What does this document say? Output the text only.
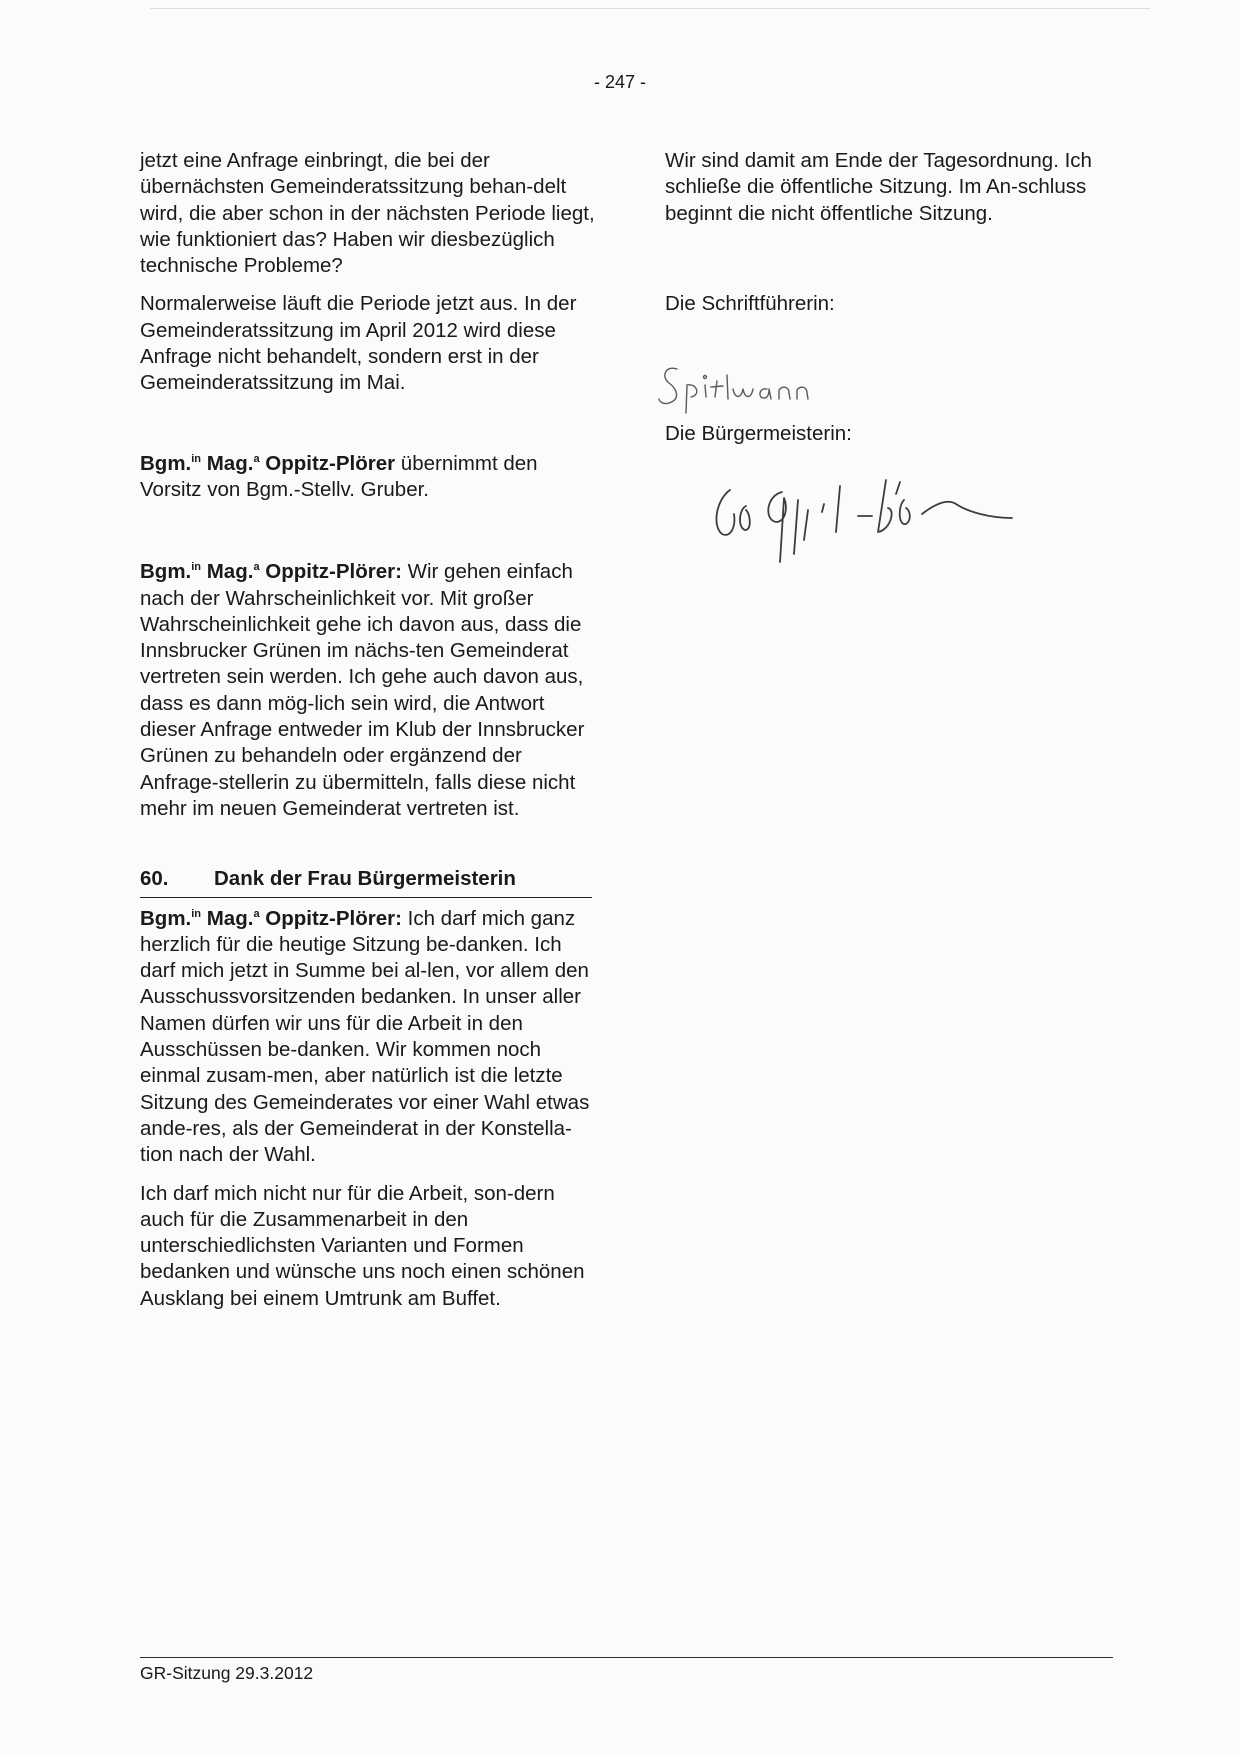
- 247 -

jetzt eine Anfrage einbringt, die bei der übernächsten Gemeinderatssitzung behan-delt wird, die aber schon in der nächsten Periode liegt, wie funktioniert das? Haben wir diesbezüglich technische Probleme?

Normalerweise läuft die Periode jetzt aus. In der Gemeinderatssitzung im April 2012 wird diese Anfrage nicht behandelt, sondern erst in der Gemeinderatssitzung im Mai.

Bgm.$^{in}$ Mag.$^a$ Oppitz-Plörer übernimmt den Vorsitz von Bgm.-Stellv. Gruber.

Bgm.$^{in}$ Mag.$^a$ Oppitz-Plörer: Wir gehen einfach nach der Wahrscheinlichkeit vor. Mit großer Wahrscheinlichkeit gehe ich davon aus, dass die Innsbrucker Grünen im nächs-ten Gemeinderat vertreten sein werden. Ich gehe auch davon aus, dass es dann mög-lich sein wird, die Antwort dieser Anfrage entweder im Klub der Innsbrucker Grünen zu behandeln oder ergänzend der Anfrage-stellerin zu übermitteln, falls diese nicht mehr im neuen Gemeinderat vertreten ist.

60.	Dank der Frau Bürgermeisterin

Bgm.$^{in}$ Mag.$^a$ Oppitz-Plörer: Ich darf mich ganz herzlich für die heutige Sitzung be-danken. Ich darf mich jetzt in Summe bei al-len, vor allem den Ausschussvorsitzenden bedanken. In unser aller Namen dürfen wir uns für die Arbeit in den Ausschüssen be-danken. Wir kommen noch einmal zusam-men, aber natürlich ist die letzte Sitzung des Gemeinderates vor einer Wahl etwas ande-res, als der Gemeinderat in der Konstella-tion nach der Wahl.

Ich darf mich nicht nur für die Arbeit, son-dern auch für die Zusammenarbeit in den unterschiedlichsten Varianten und Formen bedanken und wünsche uns noch einen schönen Ausklang bei einem Umtrunk am Buffet.

Wir sind damit am Ende der Tagesordnung. Ich schließe die öffentliche Sitzung. Im An-schluss beginnt die nicht öffentliche Sitzung.

Die Schriftführerin:

Die Bürgermeisterin:

GR-Sitzung 29.3.2012
